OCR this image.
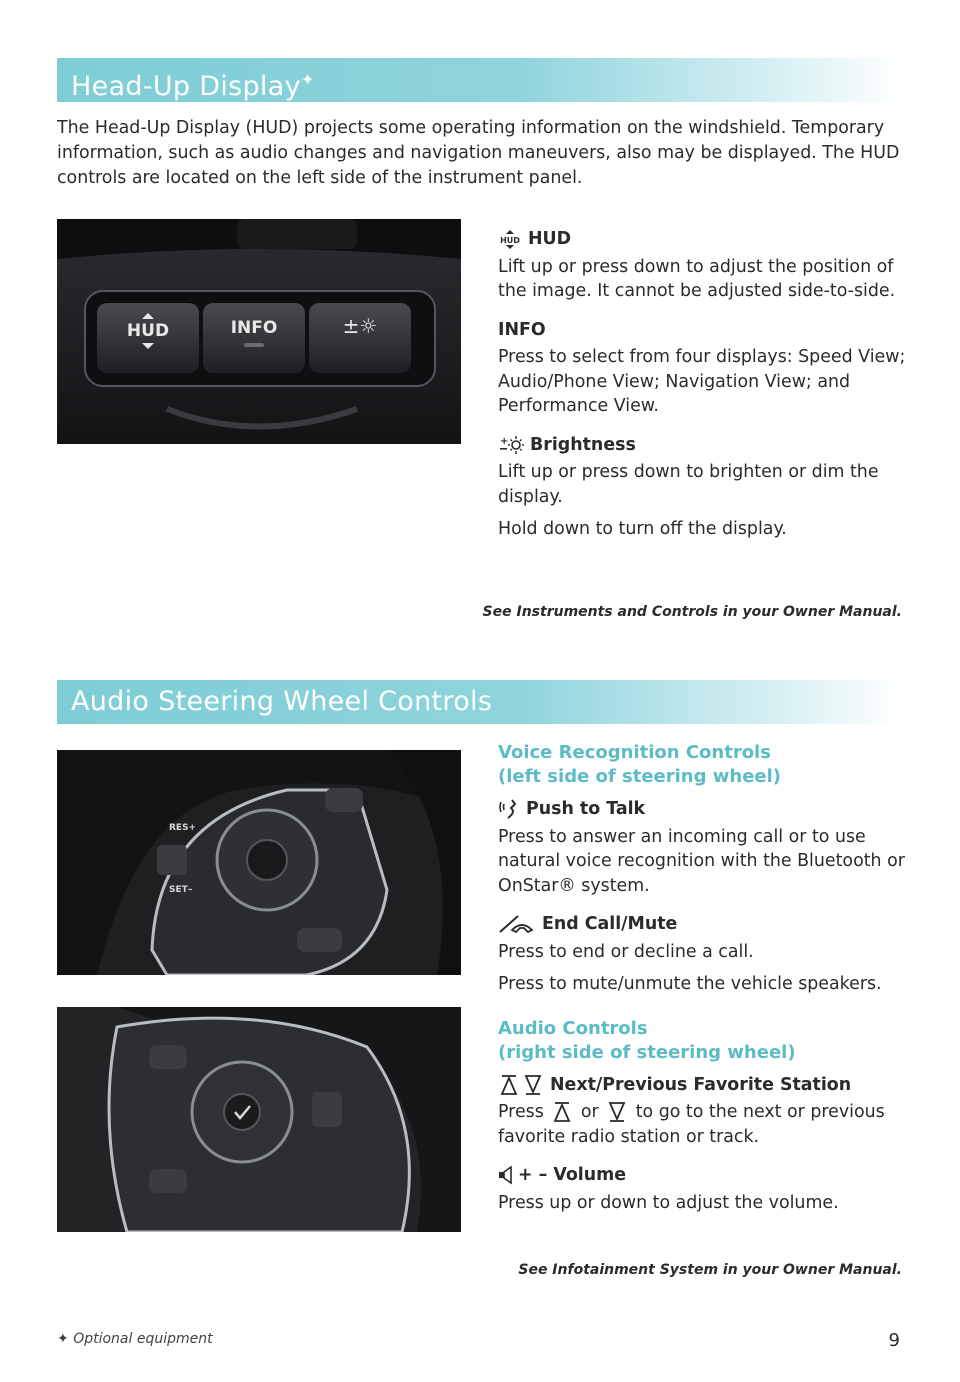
Head-Up Display✦
The Head-Up Display (HUD) projects some operating information on the windshield. Temporary information, such as audio changes and navigation maneuvers, also may be displayed. The HUD controls are located on the left side of the instrument panel.
HUD	INFO	±☼
HUD HUD

Lift up or press down to adjust the position of the image. It cannot be adjusted side-to-side.

INFO

Press to select from four displays: Speed View; Audio/Phone View; Navigation View; and Performance View.

+ Brightness

Lift up or press down to brighten or dim the display.

Hold down to turn off the display.

See Instruments and Controls in your Owner Manual.
Audio Steering Wheel Controls
RES+
SET–
Voice Recognition Controls
(left side of steering wheel)
Push to Talk

Press to answer an incoming call or to use natural voice recognition with the Bluetooth or OnStar® system.

End Call/Mute

Press to end or decline a call.

Press to mute/unmute the vehicle speakers.

Audio Controls
(right side of steering wheel)
Next/Previous Favorite Station

Press or to go to the next or previous favorite radio station or track.

+ – Volume

Press up or down to adjust the volume.

See Infotainment System in your Owner Manual.
✦ Optional equipment	9
